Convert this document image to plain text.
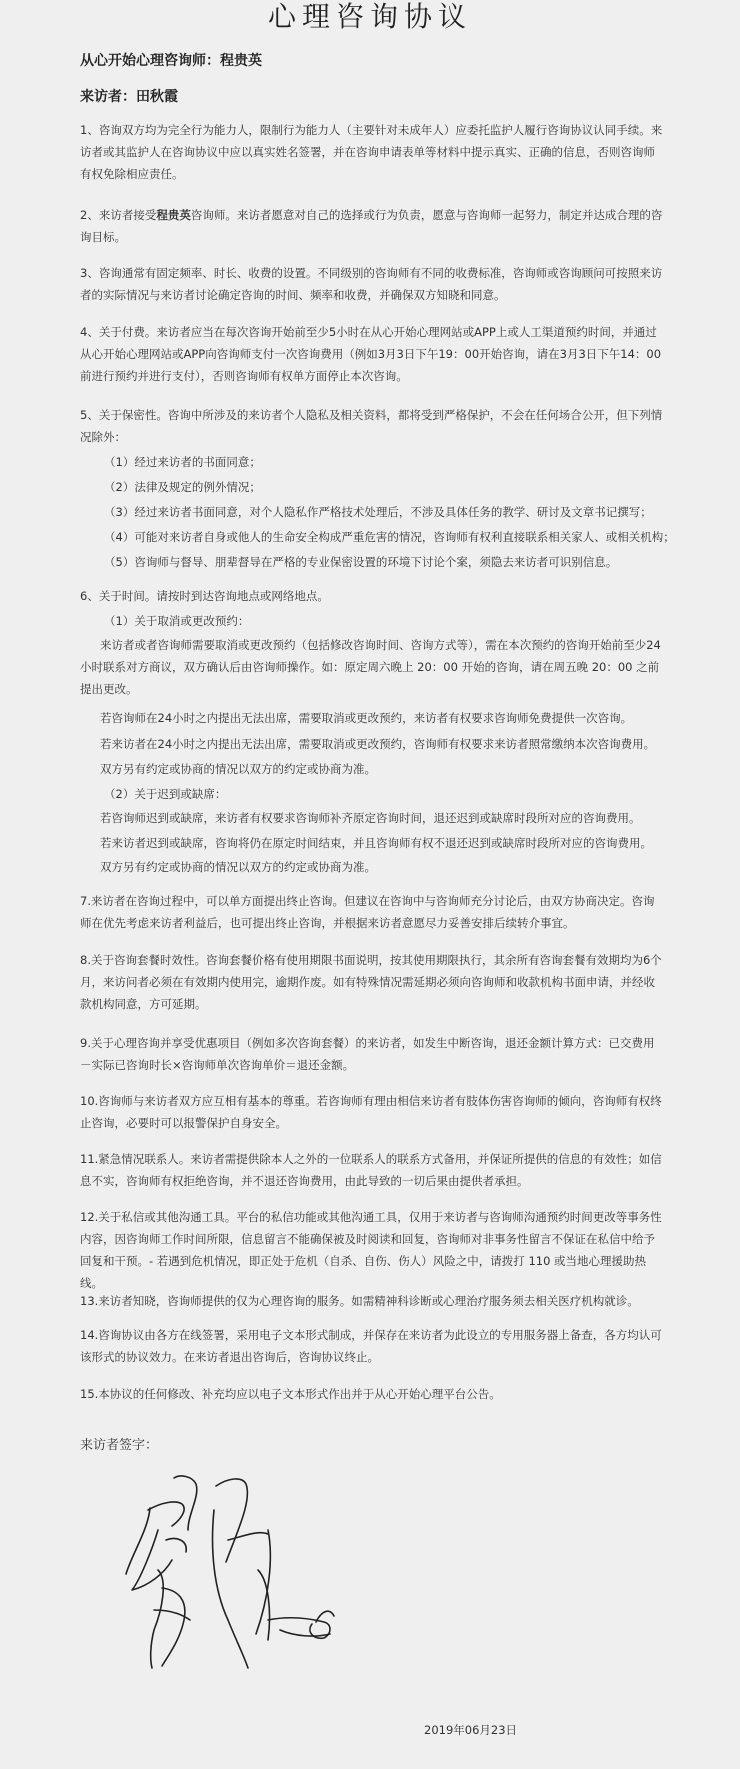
心理咨询协议
从心开始心理咨询师：程贵英
来访者：田秋霞

1、咨询双方均为完全行为能力人，限制行为能力人（主要针对未成年人）应委托监护人履行咨询协议认同手续。来访者或其监护人在咨询协议中应以真实姓名签署，并在咨询申请表单等材料中提示真实、正确的信息，否则咨询师有权免除相应责任。

2、来访者接受程贵英咨询师。来访者愿意对自己的选择或行为负责，愿意与咨询师一起努力，制定并达成合理的咨询目标。

3、咨询通常有固定频率、时长、收费的设置。不同级别的咨询师有不同的收费标准，咨询师或咨询顾问可按照来访者的实际情况与来访者讨论确定咨询的时间、频率和收费，并确保双方知晓和同意。

4、关于付费。来访者应当在每次咨询开始前至少5小时在从心开始心理网站或APP上或人工渠道预约时间，并通过从心开始心理网站或APP向咨询师支付一次咨询费用（例如3月3日下午19：00开始咨询，请在3月3日下午14：00前进行预约并进行支付），否则咨询师有权单方面停止本次咨询。

5、关于保密性。咨询中所涉及的来访者个人隐私及相关资料，都将受到严格保护，不会在任何场合公开，但下列情况除外：

（1）经过来访者的书面同意；
（2）法律及规定的例外情况；
（3）经过来访者书面同意，对个人隐私作严格技术处理后，不涉及具体任务的教学、研讨及文章书记撰写；
（4）可能对来访者自身或他人的生命安全构成严重危害的情况，咨询师有权利直接联系相关家人、或相关机构；
（5）咨询师与督导、朋辈督导在严格的专业保密设置的环境下讨论个案，须隐去来访者可识别信息。
6、关于时间。请按时到达咨询地点或网络地点。
（1）关于取消或更改预约：

来访者或者咨询师需要取消或更改预约（包括修改咨询时间、咨询方式等），需在本次预约的咨询开始前至少24小时联系对方商议，双方确认后由咨询师操作。如：原定周六晚上 20：00 开始的咨询，请在周五晚 20：00 之前提出更改。

若咨询师在24小时之内提出无法出席，需要取消或更改预约，来访者有权要求咨询师免费提供一次咨询。
若来访者在24小时之内提出无法出席，需要取消或更改预约，咨询师有权要求来访者照常缴纳本次咨询费用。
双方另有约定或协商的情况以双方的约定或协商为准。
（2）关于迟到或缺席：
若咨询师迟到或缺席，来访者有权要求咨询师补齐原定咨询时间，退还迟到或缺席时段所对应的咨询费用。
若来访者迟到或缺席，咨询将仍在原定时间结束，并且咨询师有权不退还迟到或缺席时段所对应的咨询费用。
双方另有约定或协商的情况以双方的约定或协商为准。

7.来访者在咨询过程中，可以单方面提出终止咨询。但建议在咨询中与咨询师充分讨论后，由双方协商决定。咨询师在优先考虑来访者利益后，也可提出终止咨询，并根据来访者意愿尽力妥善安排后续转介事宜。

8.关于咨询套餐时效性。咨询套餐价格有使用期限书面说明，按其使用期限执行，其余所有咨询套餐有效期均为6个月，来访问者必须在有效期内使用完，逾期作废。如有特殊情况需延期必须向咨询师和收款机构书面申请，并经收款机构同意，方可延期。

9.关于心理咨询并享受优惠项目（例如多次咨询套餐）的来访者，如发生中断咨询，退还金额计算方式：已交费用－实际已咨询时长×咨询师单次咨询单价＝退还金额。

10.咨询师与来访者双方应互相有基本的尊重。若咨询师有理由相信来访者有肢体伤害咨询师的倾向，咨询师有权终止咨询，必要时可以报警保护自身安全。

11.紧急情况联系人。来访者需提供除本人之外的一位联系人的联系方式备用，并保证所提供的信息的有效性；如信息不实，咨询师有权拒绝咨询，并不退还咨询费用，由此导致的一切后果由提供者承担。

12.关于私信或其他沟通工具。平台的私信功能或其他沟通工具，仅用于来访者与咨询师沟通预约时间更改等事务性内容，因咨询师工作时间所限，信息留言不能确保被及时阅读和回复，咨询师对非事务性留言不保证在私信中给予回复和干预。- 若遇到危机情况，即正处于危机（自杀、自伤、伤人）风险之中，请拨打 110 或当地心理援助热线。

13.来访者知晓，咨询师提供的仅为心理咨询的服务。如需精神科诊断或心理治疗服务须去相关医疗机构就诊。

14.咨询协议由各方在线签署，采用电子文本形式制成，并保存在来访者为此设立的专用服务器上备查，各方均认可该形式的协议效力。在来访者退出咨询后，咨询协议终止。

15.本协议的任何修改、补充均应以电子文本形式作出并于从心开始心理平台公告。

来访者签字：
2019年06月23日
